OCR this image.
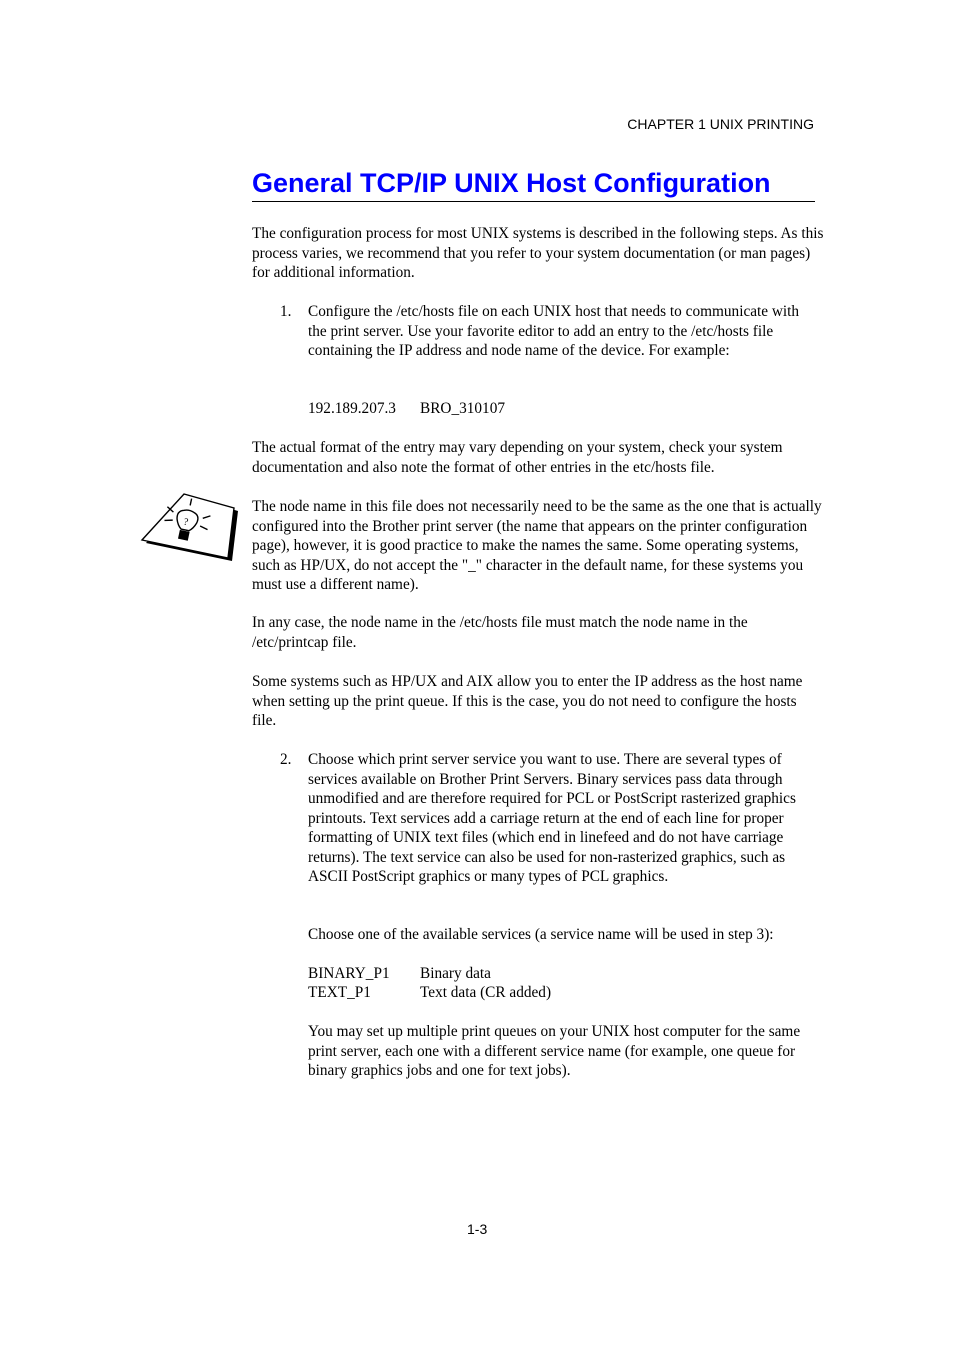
CHAPTER 1 UNIX PRINTING
General TCP/IP UNIX Host Configuration

The configuration process for most UNIX systems is described in the following steps. As this process varies, we recommend that you refer to your system documentation (or man pages) for additional information.

1. Configure the /etc/hosts file on each UNIX host that needs to communicate with the print server. Use your favorite editor to add an entry to the /etc/hosts file containing the IP address and node name of the device. For example:

192.189.207.3 BRO_310107

The actual format of the entry may vary depending on your system, check your system documentation and also note the format of other entries in the etc/hosts file.

?

The node name in this file does not necessarily need to be the same as the one that is actually configured into the Brother print server (the name that appears on the printer configuration page), however, it is good practice to make the names the same. Some operating systems, such as HP/UX, do not accept the "_" character in the default name, for these systems you must use a different name).

In any case, the node name in the /etc/hosts file must match the node name in the /etc/printcap file.

Some systems such as HP/UX and AIX allow you to enter the IP address as the host name when setting up the print queue. If this is the case, you do not need to configure the hosts file.

2. Choose which print server service you want to use. There are several types of services available on Brother Print Servers. Binary services pass data through unmodified and are therefore required for PCL or PostScript rasterized graphics printouts. Text services add a carriage return at the end of each line for proper formatting of UNIX text files (which end in linefeed and do not have carriage returns). The text service can also be used for non-rasterized graphics, such as ASCII PostScript graphics or many types of PCL graphics.

Choose one of the available services (a service name will be used in step 3):

BINARY_P1 Binary data
TEXT_P1	Text data (CR added)

You may set up multiple print queues on your UNIX host computer for the same print server, each one with a different service name (for example, one queue for binary graphics jobs and one for text jobs).

1-3
